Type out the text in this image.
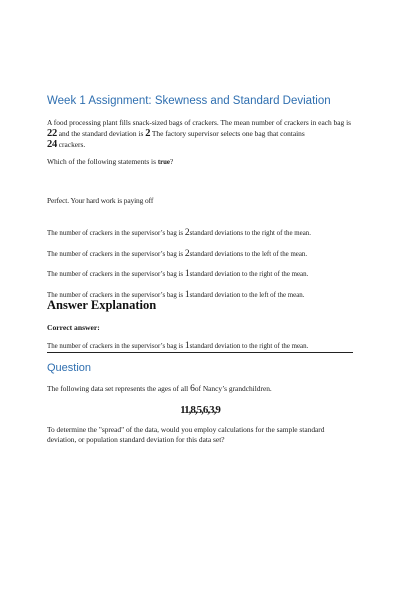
Week 1 Assignment: Skewness and Standard Deviation
A food processing plant fills snack-sized bags of crackers. The mean number of crackers in each bag is 22 and the standard deviation is 2 The factory supervisor selects one bag that contains
24 crackers.
Which of the following statements is true?
Perfect. Your hard work is paying off
The number of crackers in the supervisor’s bag is 2standard deviations to the right of the mean.
The number of crackers in the supervisor’s bag is 2standard deviations to the left of the mean.
The number of crackers in the supervisor’s bag is 1standard deviation to the right of the mean.
The number of crackers in the supervisor’s bag is 1standard deviation to the left of the mean.
Answer Explanation
Correct answer:
The number of crackers in the supervisor’s bag is 1standard deviation to the right of the mean.
Question
The following data set represents the ages of all 6of Nancy’s grandchildren.
11,8,5,6,3,9
To determine the "spread" of the data, would you employ calculations for the sample standard deviation, or population standard deviation for this data set?
